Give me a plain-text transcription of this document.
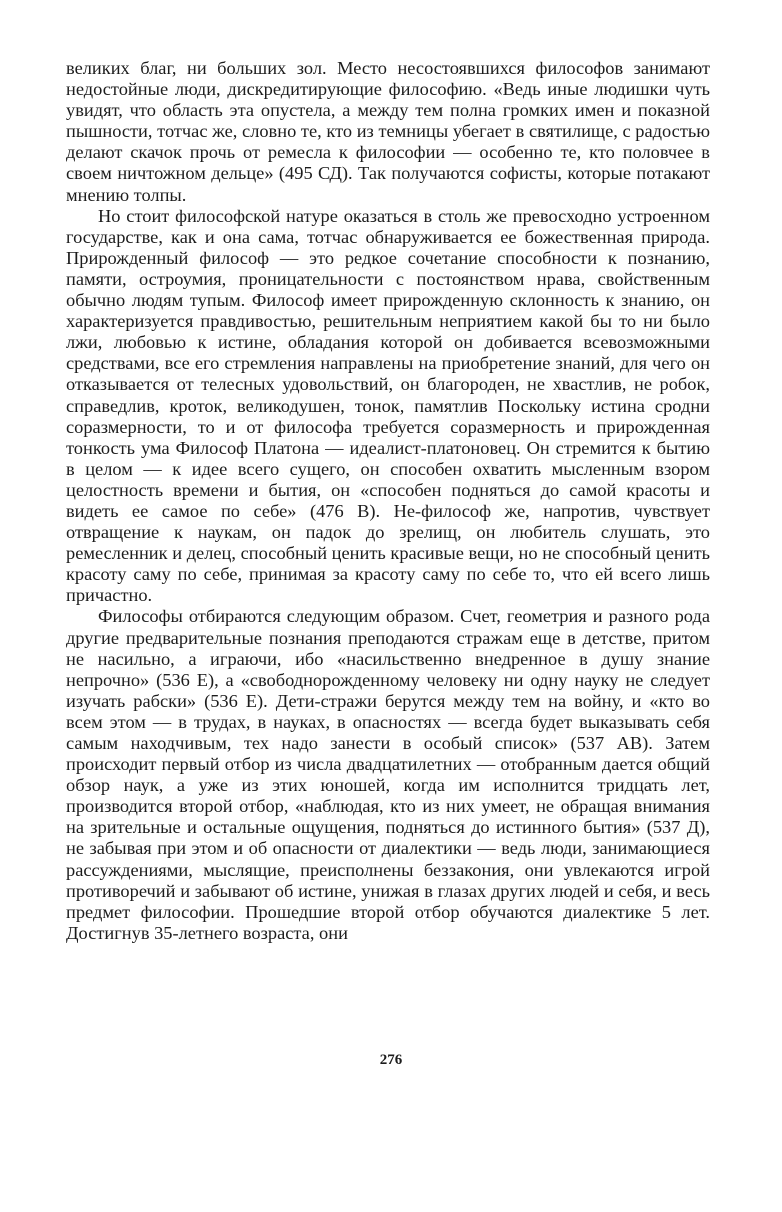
великих благ, ни больших зол. Место несостоявшихся философов занимают недостойные люди, дискредитирующие философию. «Ведь иные людишки чуть увидят, что область эта опустела, а между тем полна громких имен и показной пышности, тотчас же, словно те, кто из темницы убегает в святилище, с радостью делают скачок прочь от ремесла к философии — особенно те, кто половчее в своем ничтожном дельце» (495 СД). Так получаются софисты, которые потакают мнению толпы.

Но стоит философской натуре оказаться в столь же превосходно устроенном государстве, как и она сама, тотчас обнаруживается ее божественная природа. Прирожденный философ — это редкое сочетание способности к познанию, памяти, остроумия, проницательности с постоянством нрава, свойственным обычно людям тупым. Философ имеет прирожденную склонность к знанию, он характеризуется правдивостью, решительным неприятием какой бы то ни было лжи, любовью к истине, обладания которой он добивается всевозможными средствами, все его стремления направлены на приобретение знаний, для чего он отказывается от телесных удовольствий, он благороден, не хвастлив, не робок, справедлив, кроток, великодушен, тонок, памятлив Поскольку истина сродни соразмерности, то и от философа требуется соразмерность и прирожденная тонкость ума Философ Платона — идеалист-платоновец. Он стремится к бытию в целом — к идее всего сущего, он способен охватить мысленным взором целостность времени и бытия, он «способен подняться до самой красоты и видеть ее самое по себе» (476 В). Не-философ же, напротив, чувствует отвращение к наукам, он падок до зрелищ, он любитель слушать, это ремесленник и делец, способный ценить красивые вещи, но не способный ценить красоту саму по себе, принимая за красоту саму по себе то, что ей всего лишь причастно.

Философы отбираются следующим образом. Счет, геометрия и разного рода другие предварительные познания преподаются стражам еще в детстве, притом не насильно, а играючи, ибо «насильственно внедренное в душу знание непрочно» (536 Е), а «свободнорожденному человеку ни одну науку не следует изучать рабски» (536 Е). Дети-стражи берутся между тем на войну, и «кто во всем этом — в трудах, в науках, в опасностях — всегда будет выказывать себя самым находчивым, тех надо занести в особый список» (537 АВ). Затем происходит первый отбор из числа двадцатилетних — отобранным дается общий обзор наук, а уже из этих юношей, когда им исполнится тридцать лет, производится второй отбор, «наблюдая, кто из них умеет, не обращая внимания на зрительные и остальные ощущения, подняться до истинного бытия» (537 Д), не забывая при этом и об опасности от диалектики — ведь люди, занимающиеся рассуждениями, мыслящие, преисполнены беззакония, они увлекаются игрой противоречий и забывают об истине, унижая в глазах других людей и себя, и весь предмет философии. Прошедшие второй отбор обучаются диалектике 5 лет. Достигнув 35-летнего возраста, они

276
